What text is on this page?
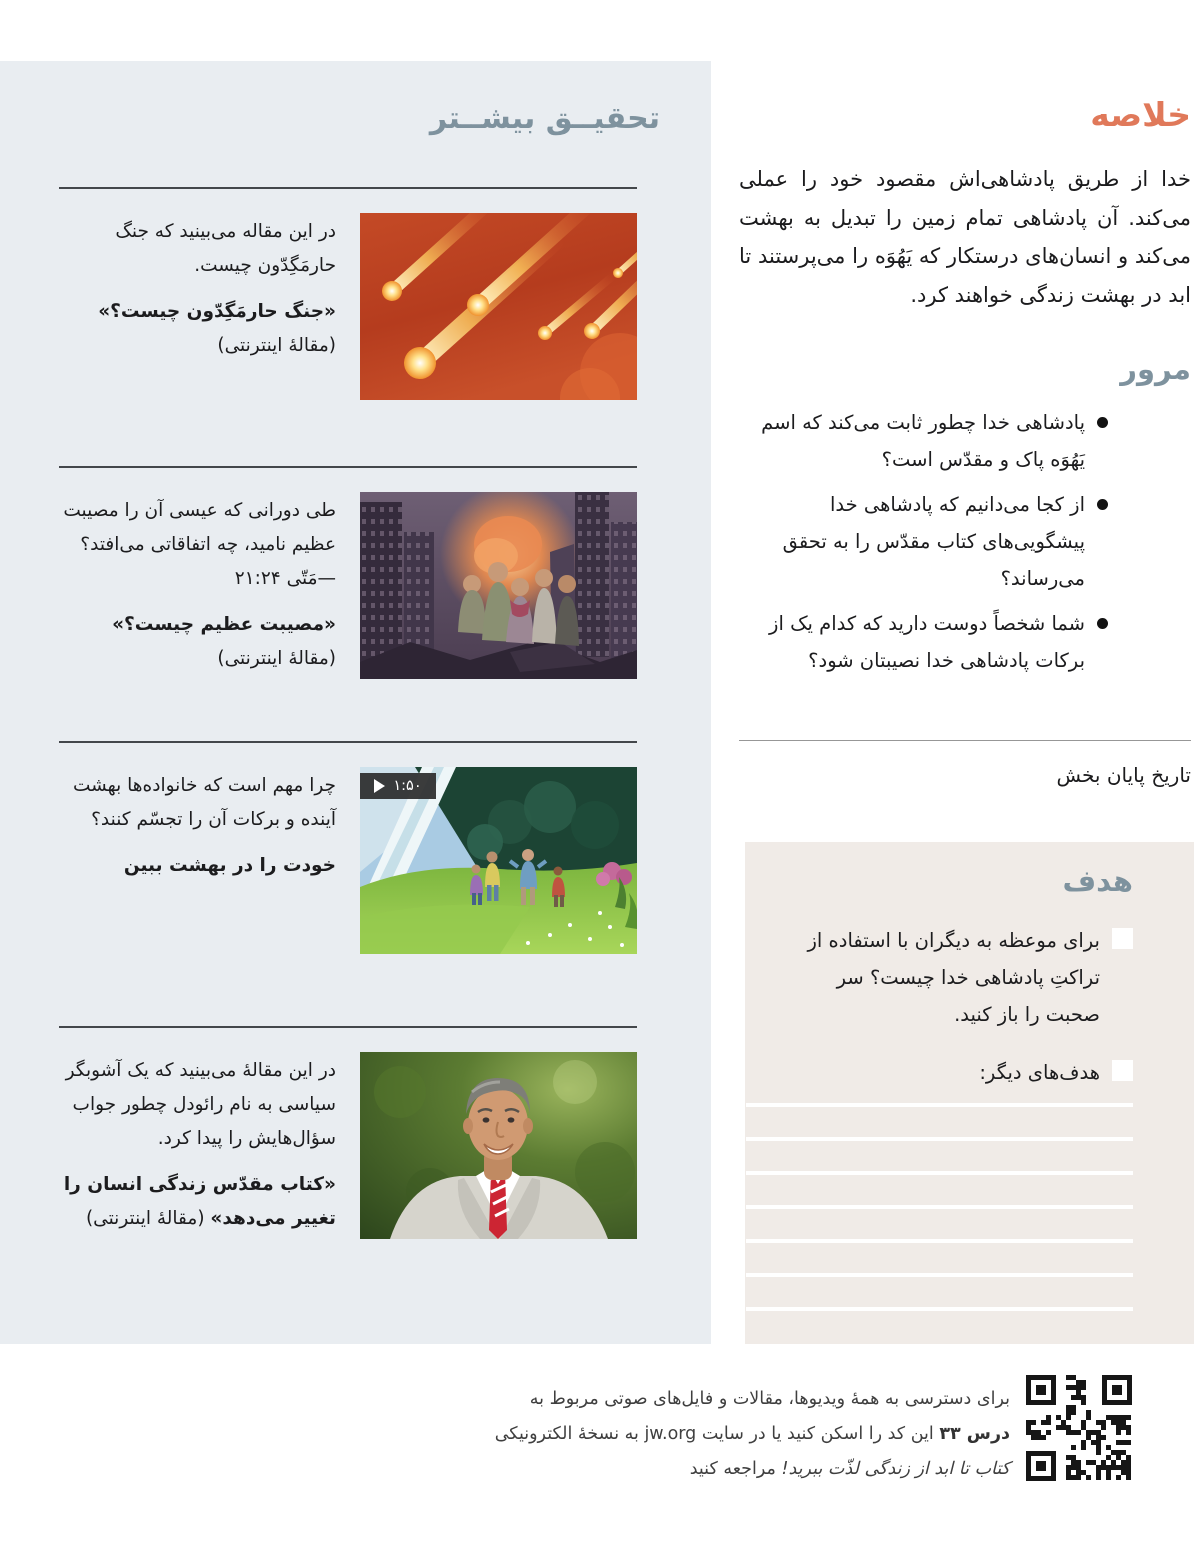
تحقیــق بیشــتر
در این مقاله می‌بینید که جنگ حارمَگِدّون چیست.
«جنگ حارمَگِدّون چیست؟» (مقالهٔ اینترنتی)
طی دورانی که عیسی آن را مصیبت عظیم نامید، چه اتفاقاتی می‌افتد؟ —مَتّی ۲۱:۲۴
«مصیبت عظیم چیست؟» (مقالهٔ اینترنتی)
۱:۵۰
چرا مهم است که خانواده‌ها بهشت آینده و برکات آن را تجسّم کنند؟
خودت را در بهشت ببین
در این مقالهٔ می‌بینید که یک آشوبگر سیاسی به نام رائودل چطور جواب سؤال‌هایش را پیدا کرد.
«کتاب مقدّس زندگی انسان را تغییر می‌دهد» (مقالهٔ اینترنتی)
خلاصه
خدا از طریق پادشاهی‌اش مقصود خود را عملی می‌کند. آن پادشاهی تمام زمین را تبدیل به بهشت می‌کند و انسان‌های درستکار که یَهُوَه را می‌پرستند تا ابد در بهشت زندگی خواهند کرد.
مرور
پادشاهی خدا چطور ثابت می‌کند که اسم یَهُوَه پاک و مقدّس است؟
از کجا می‌دانیم که پادشاهی خدا پیشگویی‌های کتاب مقدّس را به تحقق می‌رساند؟
شما شخصاً دوست دارید که کدام یک از برکات پادشاهی خدا نصیبتان شود؟
تاریخ پایان بخش
هدف
برای موعظه به دیگران با استفاده از تراکتِ پادشاهی خدا چیست؟ سر صحبت را باز کنید.
هدف‌های دیگر:
برای دسترسی به همهٔ ویدیوها، مقالات و فایل‌های صوتی مربوط به
درس ۳۳ این کد را اسکن کنید یا در سایت jw.org به نسخهٔ الکترونیکی
کتاب تا ابد از زندگی لذّت ببرید! مراجعه کنید
